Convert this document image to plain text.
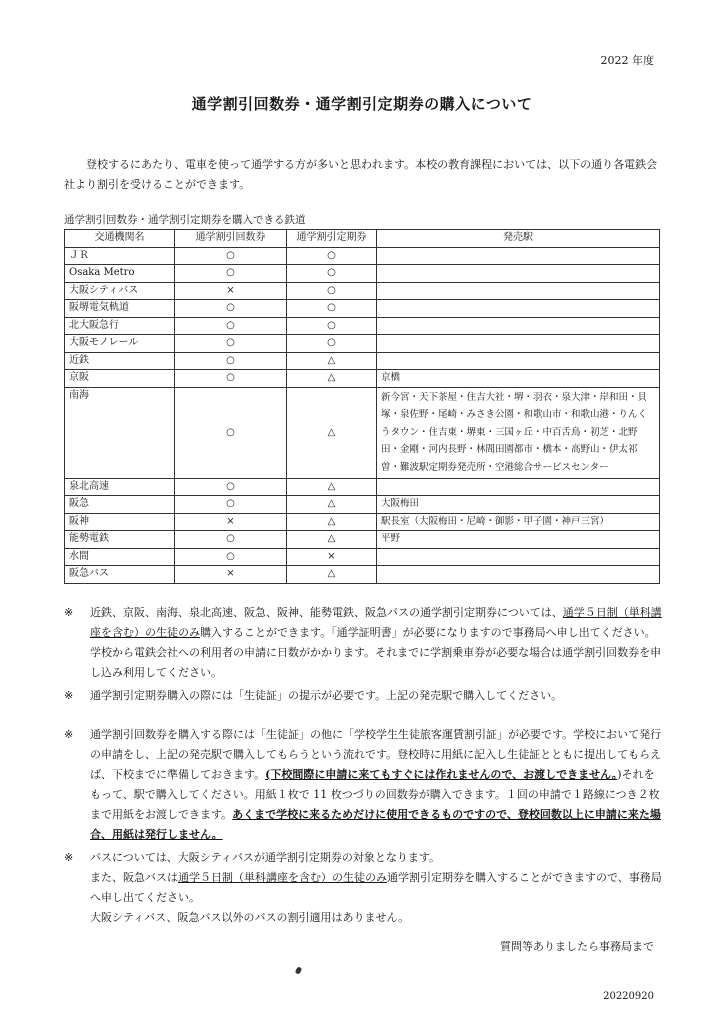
2022 年度
通学割引回数券・通学割引定期券の購入について
登校するにあたり、電車を使って通学する方が多いと思われます。本校の教育課程においては、以下の通り各電鉄会社より割引を受けることができます。
通学割引回数券・通学割引定期券を購入できる鉄道
交通機関名	通学割引回数券	通学割引定期券	発売駅
ＪＲ	○	○	
Osaka Metro	○	○	
大阪シティバス	×	○	
阪堺電気軌道	○	○	
北大阪急行	○	○	
大阪モノレール	○	○	
近鉄	○	△	
京阪	○	△	京橋
南海	○	△	新今宮・天下茶屋・住吉大社・堺・羽衣・泉大津・岸和田・貝塚・泉佐野・尾崎・みさき公園・和歌山市・和歌山港・りんくうタウン・住吉東・堺東・三国ヶ丘・中百舌鳥・初芝・北野田・金剛・河内長野・林間田園都市・橋本・高野山・伊太祁曽・難波駅定期券発売所・空港総合サービスセンター
泉北高速	○	△	
阪急	○	△	大阪梅田
阪神	×	△	駅長室（大阪梅田・尼崎・御影・甲子園・神戸三宮）
能勢電鉄	○	△	平野
水間	○	×	
阪急バス	×	△	
※ 近鉄、京阪、南海、泉北高速、阪急、阪神、能勢電鉄、阪急バスの通学割引定期券については、通学５日制（単科講座を含む）の生徒のみ購入することができます。「通学証明書」が必要になりますので事務局へ申し出てください。学校から電鉄会社への利用者の申請に日数がかかります。それまでに学割乗車券が必要な場合は通学割引回数券を申し込み利用してください。
※ 通学割引定期券購入の際には「生徒証」の提示が必要です。上記の発売駅で購入してください。
※ 通学割引回数券を購入する際には「生徒証」の他に「学校学生生徒旅客運賃割引証」が必要です。学校において発行の申請をし、上記の発売駅で購入してもらうという流れです。登校時に用紙に記入し生徒証とともに提出してもらえば、下校までに準備しておきます。(下校間際に申請に来てもすぐには作れませんので、お渡しできません。)それをもって、駅で購入してください。用紙１枚で 11 枚つづりの回数券が購入できます。１回の申請で１路線につき２枚まで用紙をお渡しできます。あくまで学校に来るためだけに使用できるものですので、登校回数以上に申請に来た場合、用紙は発行しません。
※ バスについては、大阪シティバスが通学割引定期券の対象となります。
また、阪急バスは通学５日制（単科講座を含む）の生徒のみ通学割引定期券を購入することができますので、事務局へ申し出てください。
大阪シティバス、阪急バス以外のバスの割引適用はありません。
質問等ありましたら事務局まで
20220920
